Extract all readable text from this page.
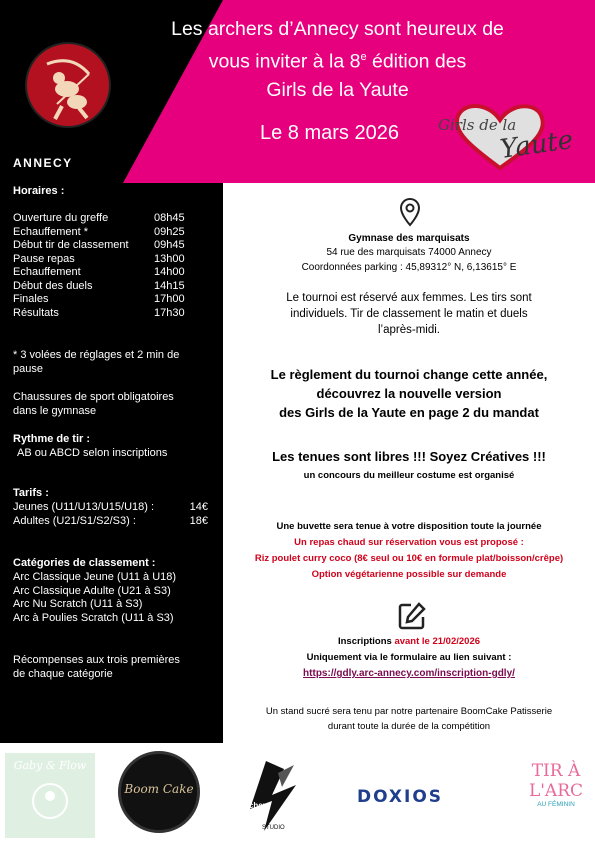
ANNECY
Les archers d’Annecy sont heureux de
vous inviter à la 8e édition des
Girls de la Yaute
Le 8 mars 2026	Girls de la
Yaute
Horaires :
Ouverture du greffe	08h45
Echauffement *	09h25
Début tir de classement	09h45
Pause repas	13h00
Echauffement	14h00
Début des duels	14h15
Finales	17h00
Résultats	17h30
* 3 volées de réglages et 2 min de
pause
Chaussures de sport obligatoires
dans le gymnase
Rythme de tir :
AB ou ABCD selon inscriptions
Tarifs :
Jeunes (U11/U13/U15/U18) :	14€
Adultes (U21/S1/S2/S3) :	18€
Catégories de classement :
Arc Classique Jeune (U11 à U18)
Arc Classique Adulte (U21 à S3)
Arc Nu Scratch (U11 à S3)
Arc à Poulies Scratch (U11 à S3)
Récompenses aux trois premières
de chaque catégorie
Gymnase des marquisats
54 rue des marquisats 74000 Annecy
Coordonnées parking : 45,89312° N, 6,13615° E
Le tournoi est réservé aux femmes. Les tirs sont
individuels. Tir de classement le matin et duels
l’après-midi.
Le règlement du tournoi change cette année,
découvrez la nouvelle version
des Girls de la Yaute en page 2 du mandat
Les tenues sont libres !!! Soyez Créatives !!!
un concours du meilleur costume est organisé
Une buvette sera tenue à votre disposition toute la journée
Un repas chaud sur réservation vous est proposé :
Riz poulet curry coco (8€ seul ou 10€ en formule plat/boisson/crêpe)
Option végétarienne possible sur demande
Inscriptions avant le 21/02/2026
Uniquement via le formulaire au lien suivant :
https://gdly.arc-annecy.com/inscription-gdly/
Un stand sucré sera tenu par notre partenaire BoomCake Patisserie
durant toute la durée de la compétition
Gaby & Flow
Boom Cake
Archery
STUDIO
DOXIOS
TIR À
L'ARC
AU FÉMININ
